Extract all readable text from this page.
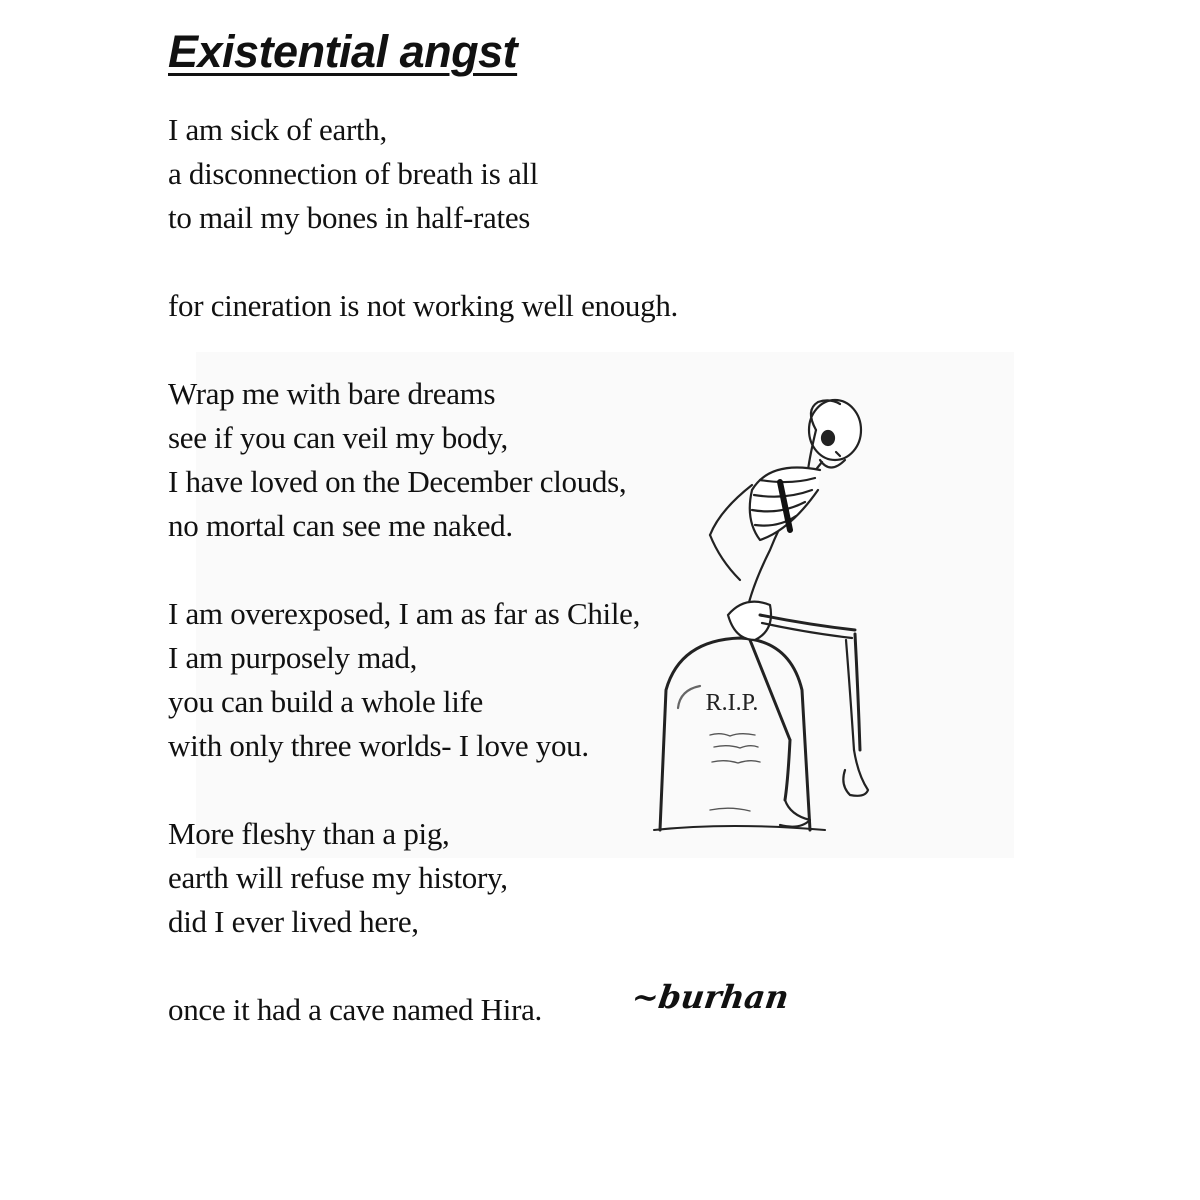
Existential angst
R.I.P.

I am sick of earth,
a disconnection of breath is all
to mail my bones in half-rates

for cineration is not working well enough.

Wrap me with bare dreams
see if you can veil my body,
I have loved on the December clouds,
no mortal can see me naked.

I am overexposed, I am as far as Chile,
I am purposely mad,
you can build a whole life
with only three worlds- I love you.

More fleshy than a pig,
earth will refuse my history,
did I ever lived here,

once it had a cave named Hira.	~burhan
